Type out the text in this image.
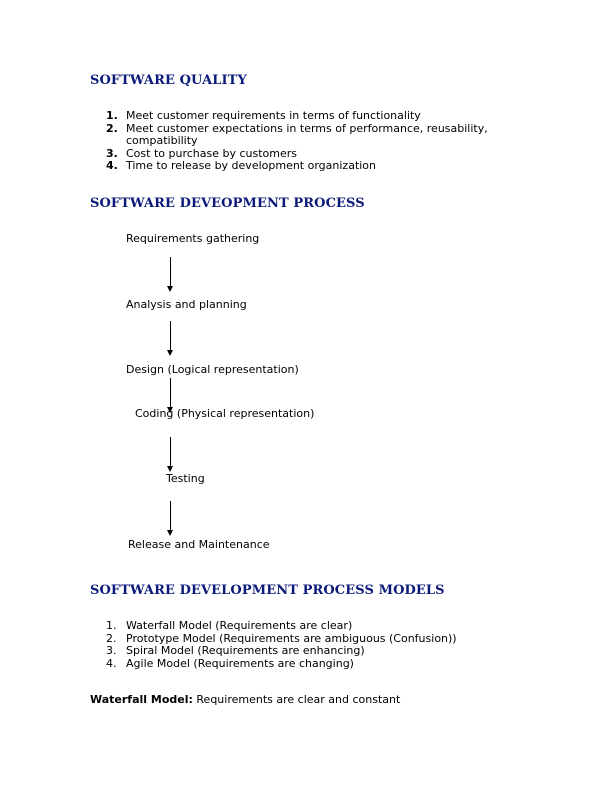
SOFTWARE QUALITY
1. Meet customer requirements in terms of functionality
2. Meet customer expectations in terms of performance, reusability, compatibility
3. Cost to purchase by customers
4. Time to release by development organization
SOFTWARE DEVEOPMENT PROCESS
Requirements gathering
Analysis and planning
Design (Logical representation)
Coding (Physical representation)
Testing
Release and Maintenance
SOFTWARE DEVELOPMENT PROCESS MODELS
1. Waterfall Model (Requirements are clear)
2. Prototype Model (Requirements are ambiguous (Confusion))
3. Spiral Model (Requirements are enhancing)
4. Agile Model (Requirements are changing)
Waterfall Model: Requirements are clear and constant
